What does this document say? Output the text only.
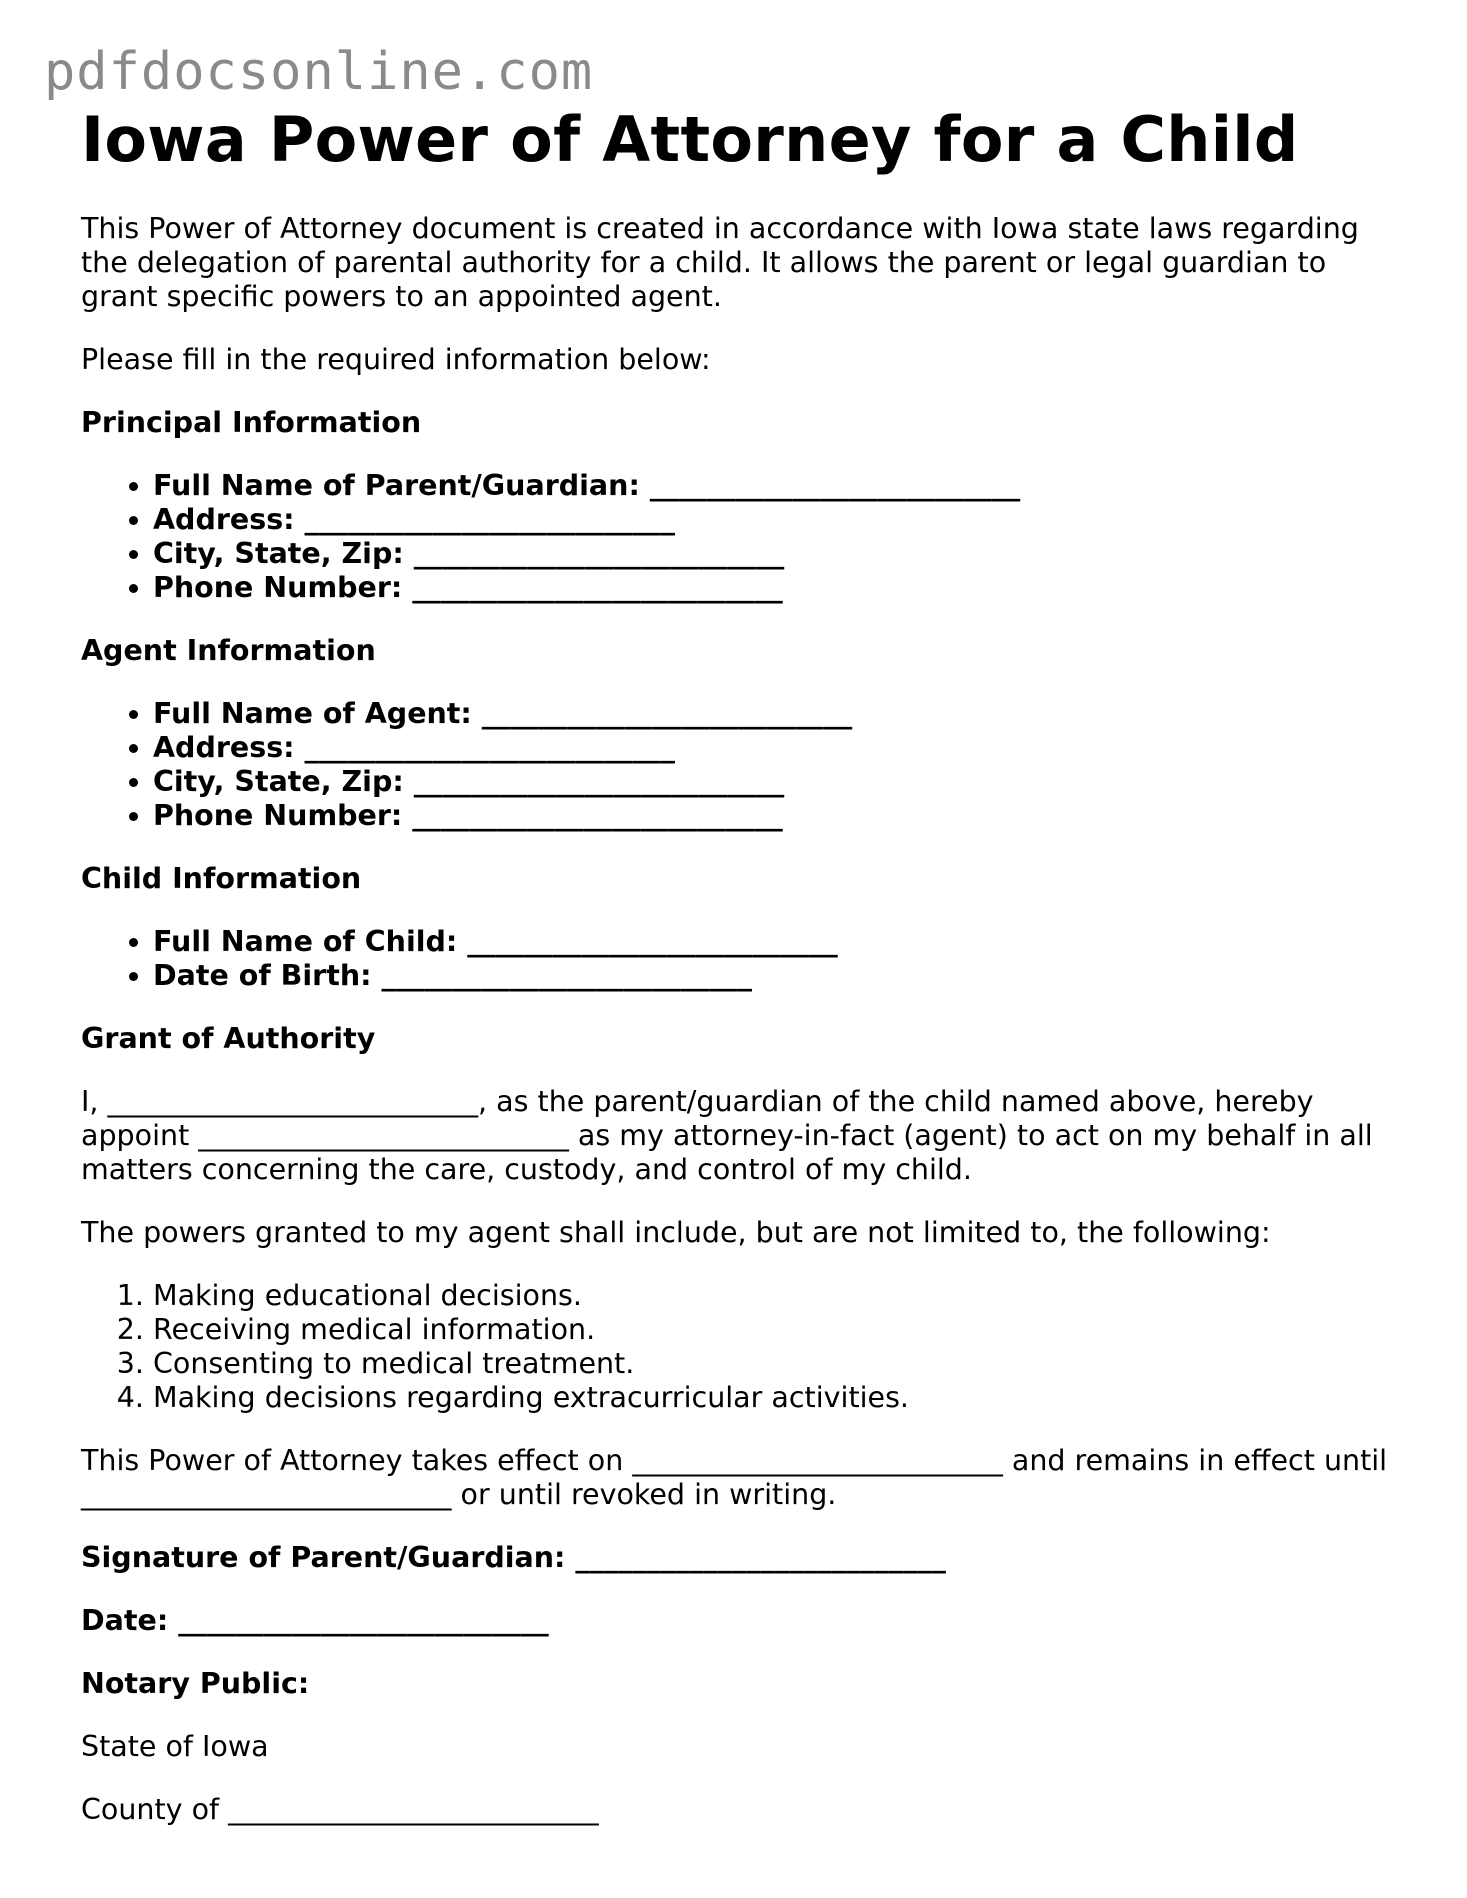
pdfdocsonline.com
Iowa Power of Attorney for a Child

This Power of Attorney document is created in accordance with Iowa state laws regarding the delegation of parental authority for a child. It allows the parent or legal guardian to grant specific powers to an appointed agent.

Please fill in the required information below:

Principal Information
• Full Name of Parent/Guardian: __________________________
• Address: __________________________
• City, State, Zip: __________________________
• Phone Number: __________________________
Agent Information
• Full Name of Agent: __________________________
• Address: __________________________
• City, State, Zip: __________________________
• Phone Number: __________________________
Child Information
• Full Name of Child: __________________________
• Date of Birth: __________________________
Grant of Authority

I, __________________________, as the parent/guardian of the child named above, hereby appoint __________________________ as my attorney-in-fact (agent) to act on my behalf in all matters concerning the care, custody, and control of my child.

The powers granted to my agent shall include, but are not limited to, the following:

1. Making educational decisions.
2. Receiving medical information.
3. Consenting to medical treatment.
4. Making decisions regarding extracurricular activities.

This Power of Attorney takes effect on __________________________ and remains in effect until __________________________ or until revoked in writing.

Signature of Parent/Guardian: __________________________

Date: __________________________

Notary Public:

State of Iowa

County of __________________________
